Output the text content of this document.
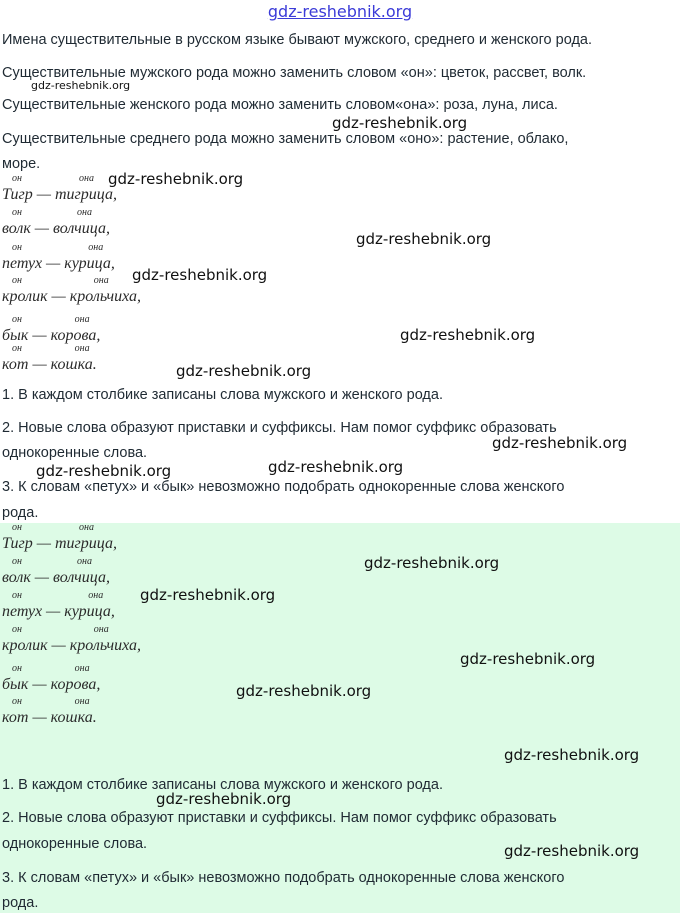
gdz-reshebnik.org
Имена существительные в русском языке бывают мужского, среднего и женского рода.
Существительные мужского рода можно заменить словом «он»: цветок, рассвет, волк.
Существительные женского рода можно заменить словом«она»: роза, луна, лиса.
Существительные среднего рода можно заменить словом «оно»: растение, облако,
море.
он
Тигр —
она
тигрица,
он
волк —
она
волчица,
он
петух —
она
курица,
он
кролик —
она
крольчиха,
он
бык —
она
корова,
он
кот —
она
кошка.
1. В каждом столбике записаны слова мужского и женского рода.
2. Новые слова образуют приставки и суффиксы. Нам помог суффикс образовать
однокоренные слова.
3. К словам «петух» и «бык» невозможно подобрать однокоренные слова женского
рода.
он
Тигр —
она
тигрица,
он
волк —
она
волчица,
он
петух —
она
курица,
он
кролик —
она
крольчиха,
он
бык —
она
корова,
он
кот —
она
кошка.
1. В каждом столбике записаны слова мужского и женского рода.
2. Новые слова образуют приставки и суффиксы. Нам помог суффикс образовать
однокоренные слова.
3. К словам «петух» и «бык» невозможно подобрать однокоренные слова женского
рода.
gdz-reshebnik.org
gdz-reshebnik.org
gdz-reshebnik.org
gdz-reshebnik.org
gdz-reshebnik.org
gdz-reshebnik.org
gdz-reshebnik.org
gdz-reshebnik.org
gdz-reshebnik.org
gdz-reshebnik.org
gdz-reshebnik.org
gdz-reshebnik.org
gdz-reshebnik.org
gdz-reshebnik.org
gdz-reshebnik.org
gdz-reshebnik.org
gdz-reshebnik.org
